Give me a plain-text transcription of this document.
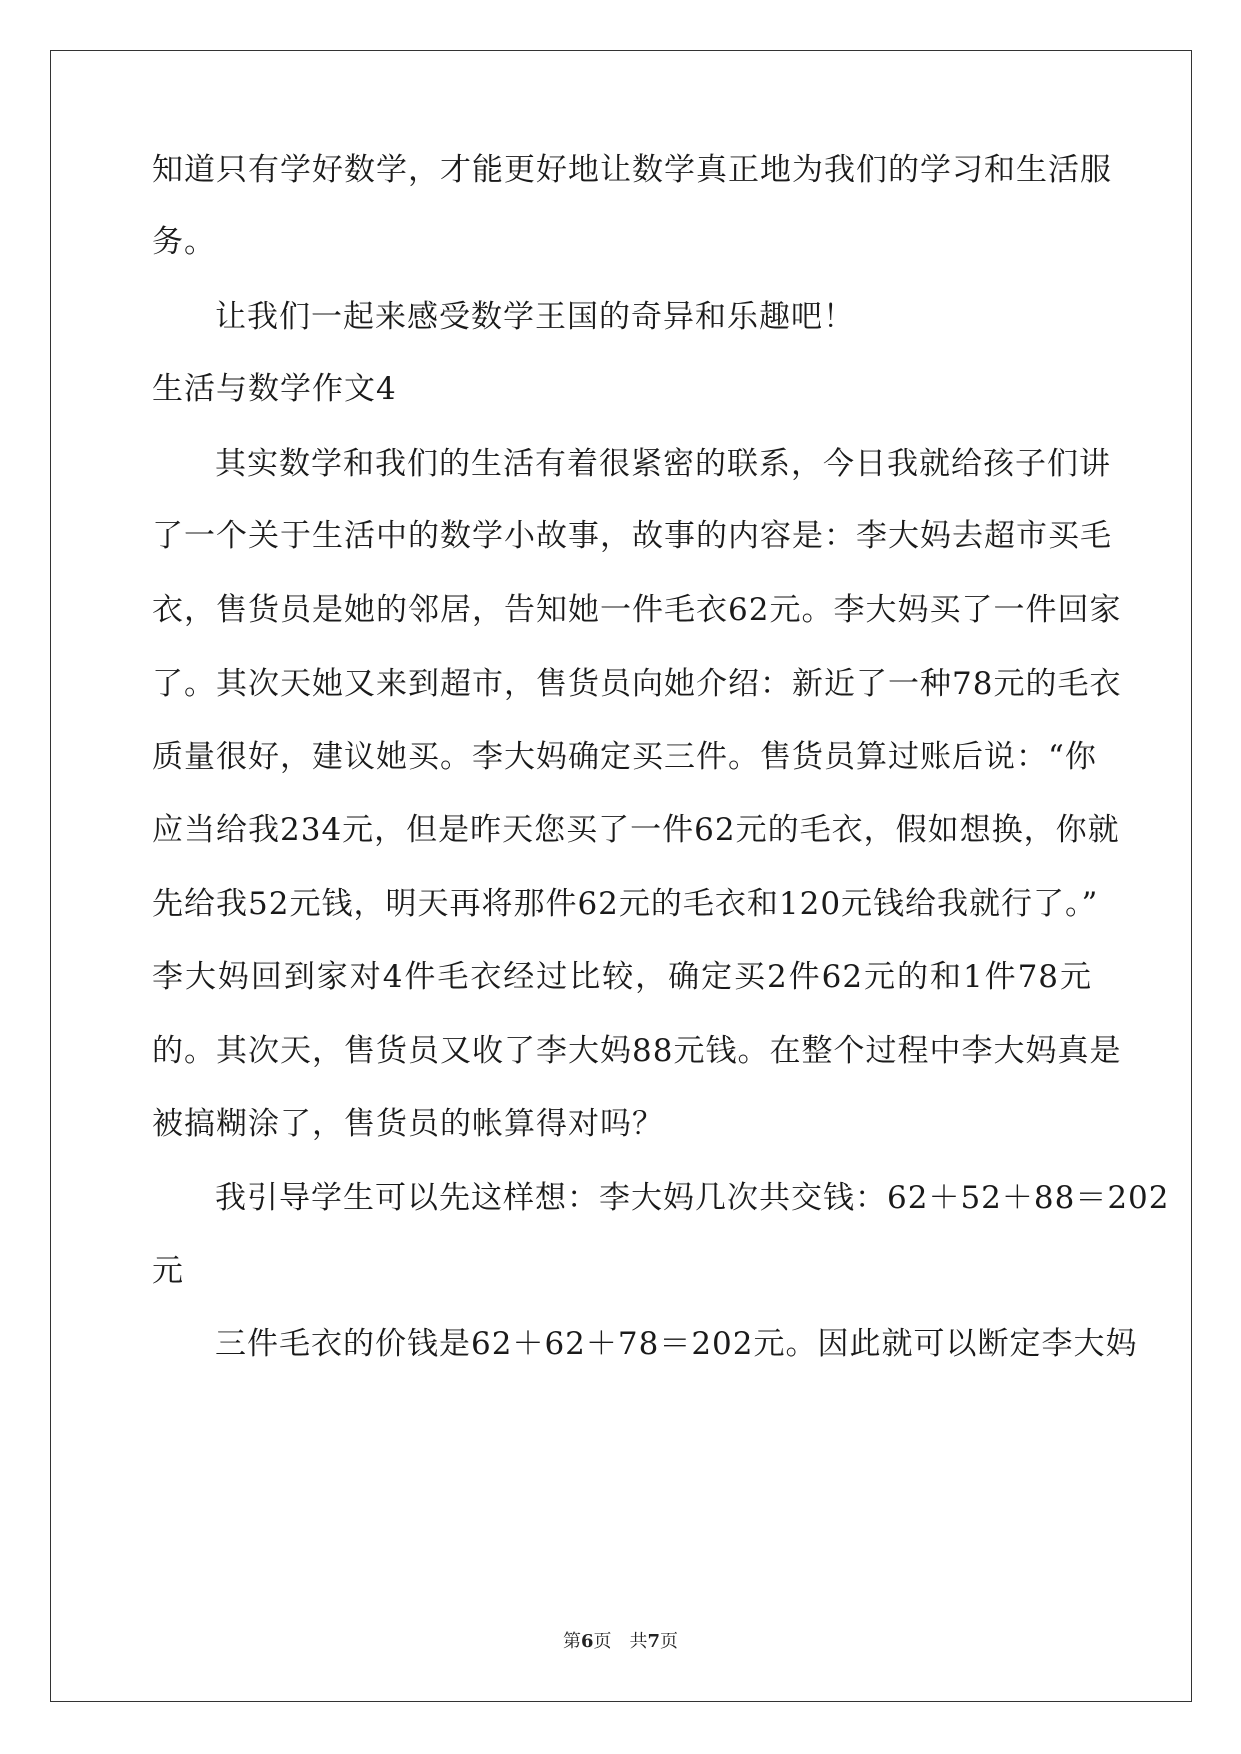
知道只有学好数学，才能更好地让数学真正地为我们的学习和生活服
务。
让我们一起来感受数学王国的奇异和乐趣吧！
生活与数学作文4
其实数学和我们的生活有着很紧密的联系，今日我就给孩子们讲
了一个关于生活中的数学小故事，故事的内容是：李大妈去超市买毛
衣，售货员是她的邻居，告知她一件毛衣62元。李大妈买了一件回家
了。其次天她又来到超市，售货员向她介绍：新近了一种78元的毛衣
质量很好，建议她买。李大妈确定买三件。售货员算过账后说：“你
应当给我234元，但是昨天您买了一件62元的毛衣，假如想换，你就
先给我52元钱，明天再将那件62元的毛衣和120元钱给我就行了。”
李大妈回到家对4件毛衣经过比较，确定买2件62元的和1件78元
的。其次天，售货员又收了李大妈88元钱。在整个过程中李大妈真是
被搞糊涂了，售货员的帐算得对吗？
我引导学生可以先这样想：李大妈几次共交钱：62＋52＋88＝202
元
三件毛衣的价钱是62＋62＋78＝202元。因此就可以断定李大妈
第6页　共7页
